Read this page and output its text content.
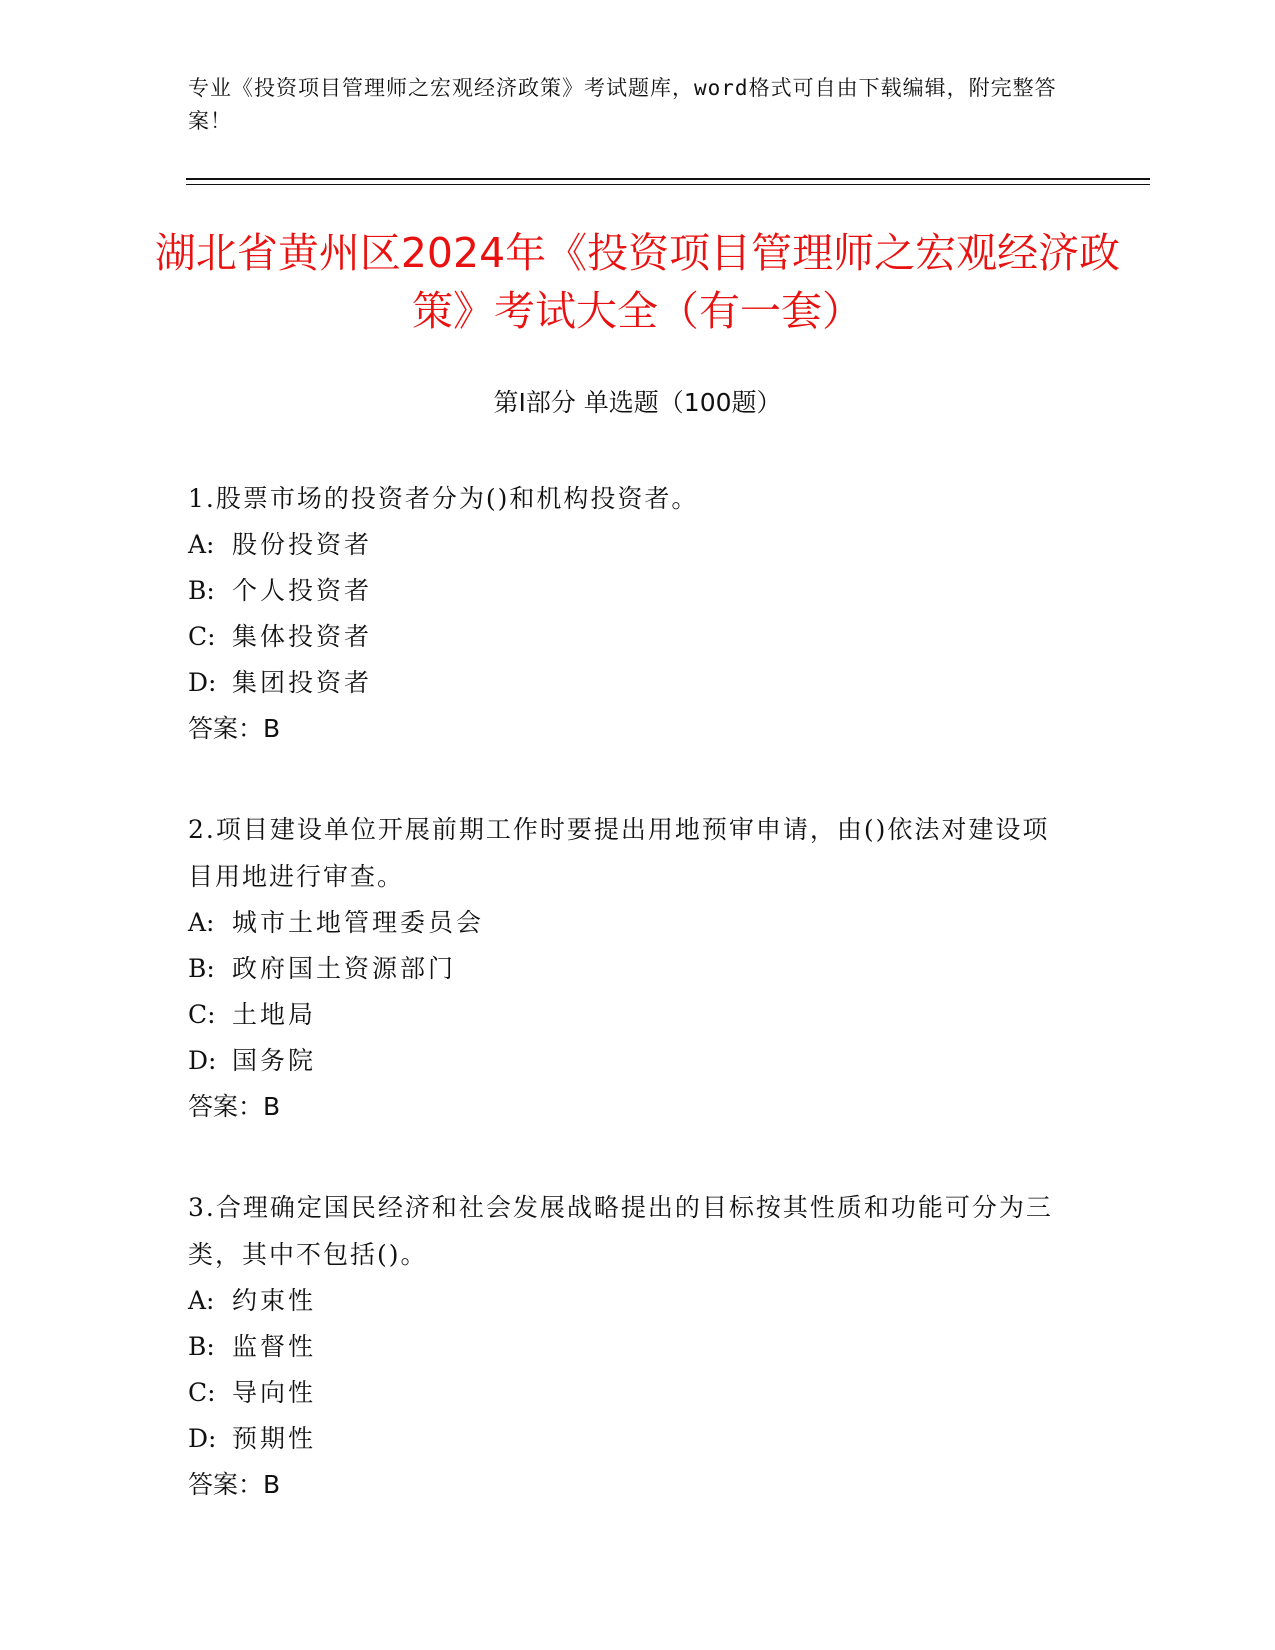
专业《投资项目管理师之宏观经济政策》考试题库，word格式可自由下载编辑，附完整答案！
湖北省黄州区2024年《投资项目管理师之宏观经济政策》考试大全（有一套）
第Ⅰ部分 单选题（100题）

1.股票市场的投资者分为()和机构投资者。

A: 股份投资者

B: 个人投资者

C: 集体投资者

D: 集团投资者

答案：B

2.项目建设单位开展前期工作时要提出用地预审申请，由()依法对建设项目用地进行审查。

A: 城市土地管理委员会

B: 政府国土资源部门

C: 土地局

D: 国务院

答案：B

3.合理确定国民经济和社会发展战略提出的目标按其性质和功能可分为三类，其中不包括()。

A: 约束性

B: 监督性

C: 导向性

D: 预期性

答案：B
